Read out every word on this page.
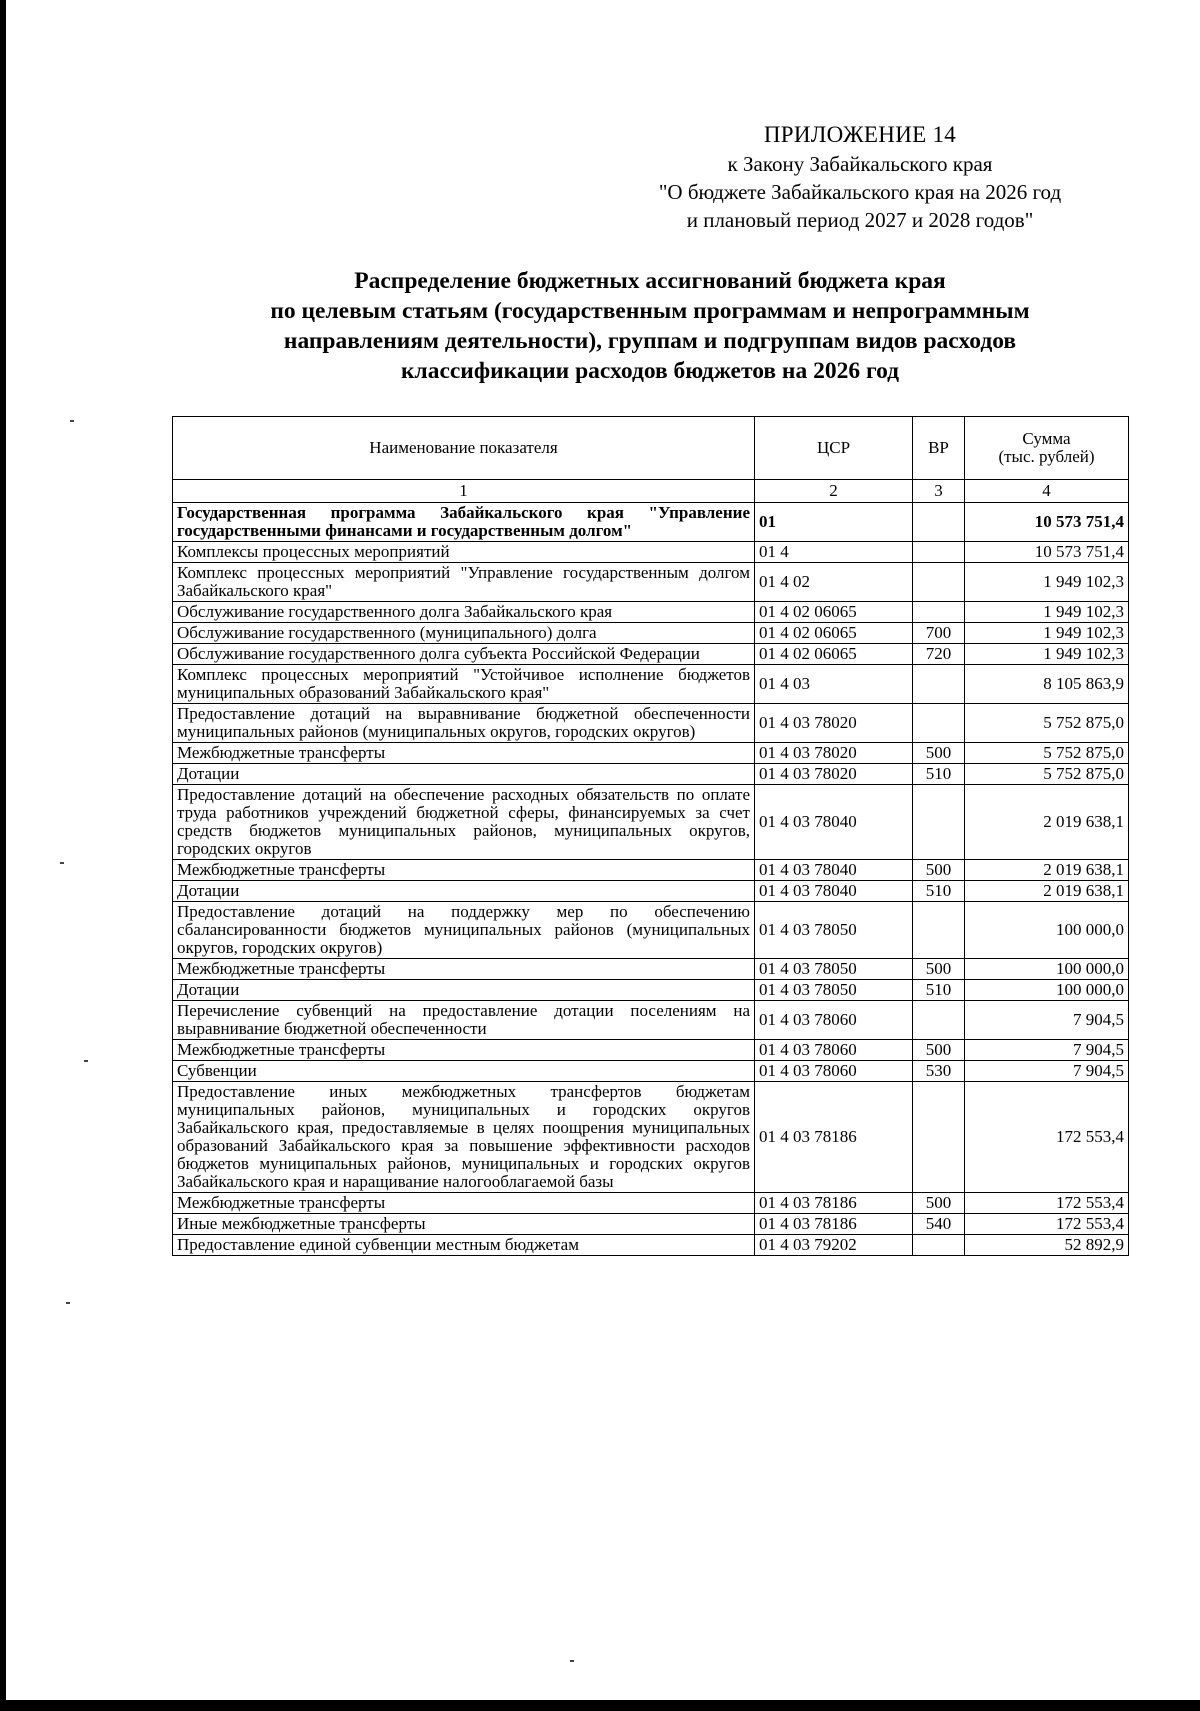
ПРИЛОЖЕНИЕ 14
к Закону Забайкальского края
"О бюджете Забайкальского края на 2026 год
и плановый период 2027 и 2028 годов"
Распределение бюджетных ассигнований бюджета края
по целевым статьям (государственным программам и непрограммным
направлениям деятельности), группам и подгруппам видов расходов
классификации расходов бюджетов на 2026 год
Наименование показателя	ЦСР	ВР	Сумма
(тыс. рублей)

1	2	3	4
Государственная программа Забайкальского края "Управление государственными финансами и государственным долгом"	01		10 573 751,4
Комплексы процессных мероприятий	01 4		10 573 751,4
Комплекс процессных мероприятий "Управление государственным долгом Забайкальского края"	01 4 02		1 949 102,3
Обслуживание государственного долга Забайкальского края	01 4 02 06065		1 949 102,3
Обслуживание государственного (муниципального) долга	01 4 02 06065	700	1 949 102,3
Обслуживание государственного долга субъекта Российской Федерации	01 4 02 06065	720	1 949 102,3
Комплекс процессных мероприятий "Устойчивое исполнение бюджетов муниципальных образований Забайкальского края"	01 4 03		8 105 863,9
Предоставление дотаций на выравнивание бюджетной обеспеченности муниципальных районов (муниципальных округов, городских округов)	01 4 03 78020		5 752 875,0
Межбюджетные трансферты	01 4 03 78020	500	5 752 875,0
Дотации	01 4 03 78020	510	5 752 875,0
Предоставление дотаций на обеспечение расходных обязательств по оплате труда работников учреждений бюджетной сферы, финансируемых за счет средств бюджетов муниципальных районов, муниципальных округов, городских округов	01 4 03 78040		2 019 638,1
Межбюджетные трансферты	01 4 03 78040	500	2 019 638,1
Дотации	01 4 03 78040	510	2 019 638,1
Предоставление дотаций на поддержку мер по обеспечению сбалансированности бюджетов муниципальных районов (муниципальных округов, городских округов)	01 4 03 78050		100 000,0
Межбюджетные трансферты	01 4 03 78050	500	100 000,0
Дотации	01 4 03 78050	510	100 000,0
Перечисление субвенций на предоставление дотации поселениям на выравнивание бюджетной обеспеченности	01 4 03 78060		7 904,5
Межбюджетные трансферты	01 4 03 78060	500	7 904,5
Субвенции	01 4 03 78060	530	7 904,5
Предоставление иных межбюджетных трансфертов бюджетам муниципальных районов, муниципальных и городских округов Забайкальского края, предоставляемые в целях поощрения муниципальных образований Забайкальского края за повышение эффективности расходов бюджетов муниципальных районов, муниципальных и городских округов Забайкальского края и наращивание налогооблагаемой базы	01 4 03 78186		172 553,4
Межбюджетные трансферты	01 4 03 78186	500	172 553,4
Иные межбюджетные трансферты	01 4 03 78186	540	172 553,4
Предоставление единой субвенции местным бюджетам	01 4 03 79202		52 892,9
